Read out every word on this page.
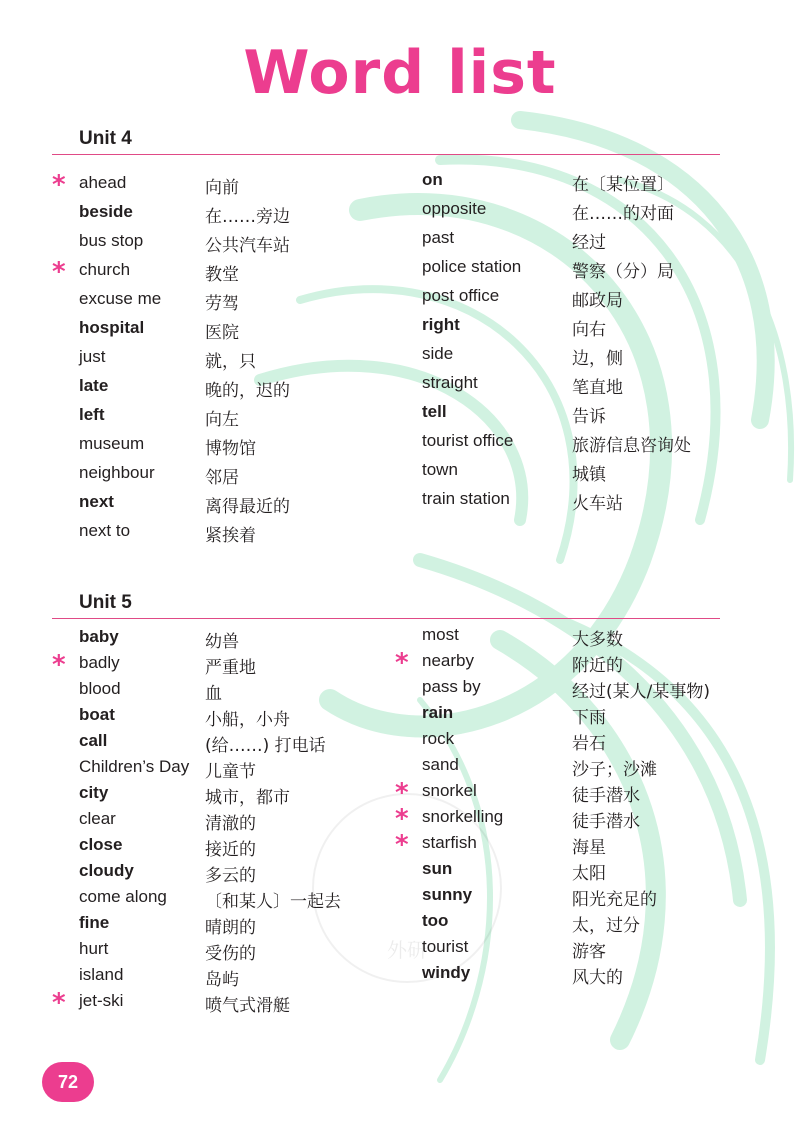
Word list
外研
Unit 4
* ahead	向前
beside	在……旁边
bus stop	公共汽车站
* church	教堂
excuse me	劳驾
hospital	医院
just	就，只
late	晚的，迟的
left	向左
museum	博物馆
neighbour	邻居
next	离得最近的
next to	紧挨着
on	在〔某位置〕
opposite	在……的对面
past	经过
police station	警察（分）局
post office	邮政局
right	向右
side	边，侧
straight	笔直地
tell	告诉
tourist office	旅游信息咨询处
town	城镇
train station	火车站
Unit 5
baby	幼兽
* badly	严重地
blood	血
boat	小船，小舟
call	(给……) 打电话
Children’s Day 儿童节
city	城市，都市
clear	清澈的
close	接近的
cloudy	多云的
come along 〔和某人〕一起去
fine	晴朗的
hurt	受伤的
island	岛屿
* jet-ski	喷气式滑艇
most	大多数
* nearby	附近的
pass by	经过(某人/某事物)
rain	下雨
rock	岩石
sand	沙子；沙滩
* snorkel	徒手潜水
* snorkelling	徒手潜水
* starfish	海星
sun	太阳
sunny	阳光充足的
too	太，过分
tourist	游客
windy	风大的
72
